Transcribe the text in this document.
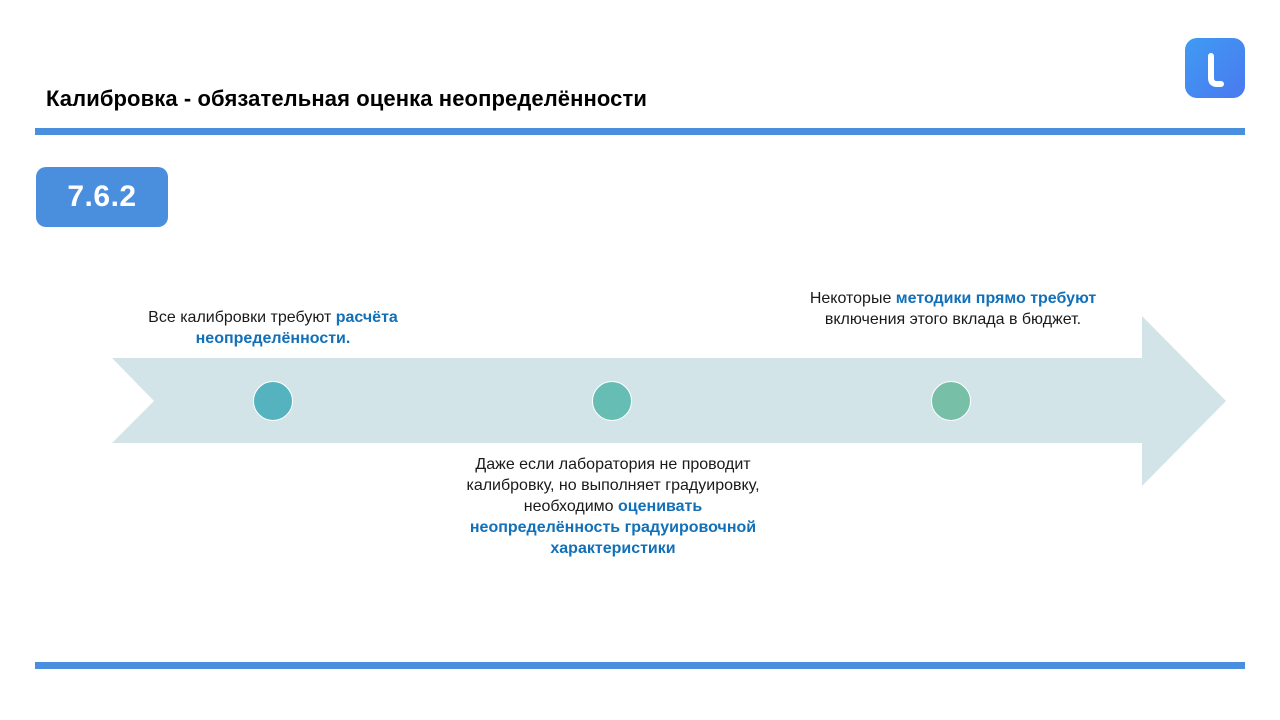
Калибровка - обязательная оценка неопределённости
7.6.2
Все калибровки требуют расчёта неопределённости.
Даже если лаборатория не проводит калибровку, но выполняет градуировку, необходимо оценивать неопределённость градуировочной характеристики
Некоторые методики прямо требуют включения этого вклада в бюджет.
